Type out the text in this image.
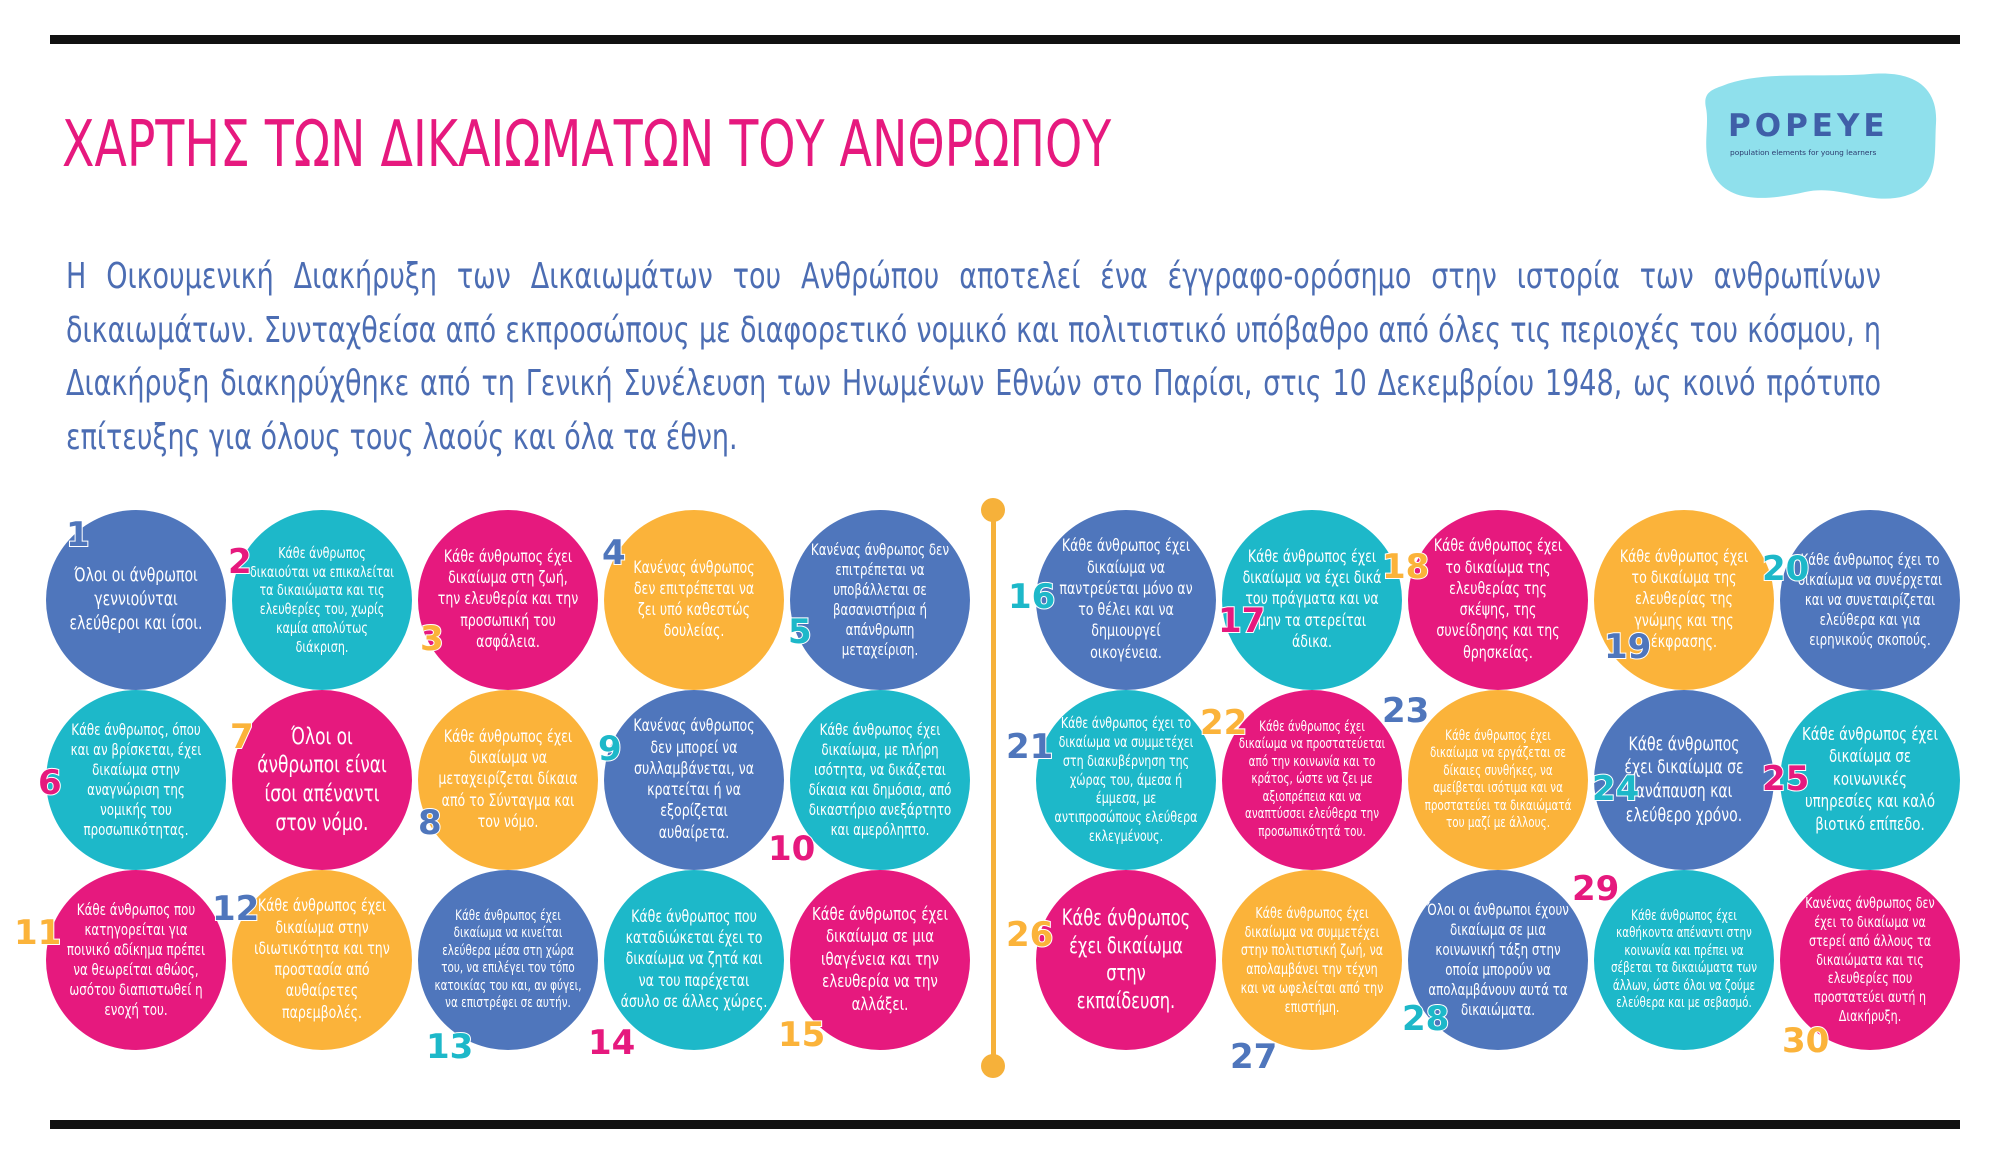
ΧΑΡΤΗΣ ΤΩΝ ΔΙΚΑΙΩΜΑΤΩΝ ΤΟΥ ΑΝΘΡΩΠΟΥ	POPEYE
population elements for young learners

Η Οικουμενική Διακήρυξη των Δικαιωμάτων του Ανθρώπου αποτελεί ένα έγγραφο-ορόσημο στην ιστορία των ανθρωπίνων δικαιωμάτων. Συνταχθείσα από εκπροσώπους με διαφορετικό νομικό και πολιτιστικό υπόβαθρο από όλες τις περιοχές του κόσμου, η Διακήρυξη διακηρύχθηκε από τη Γενική Συνέλευση των Ηνωμένων Εθνών στο Παρίσι, στις 10 Δεκεμβρίου 1948, ως κοινό πρότυπο επίτευξης για όλους τους λαούς και όλα τα έθνη.

Όλοι οι άνθρωποι γεννιούνται ελεύθεροι και ίσοι.
1	Κάθε άνθρωπος δικαιούται να επικαλείται τα δικαιώματα και τις ελευθερίες του, χωρίς καμία απολύτως διάκριση.
2	Κάθε άνθρωπος έχει δικαίωμα στη ζωή, την ελευθερία και την προσωπική του ασφάλεια.
3
Κανένας άνθρωπος δεν επιτρέπεται να ζει υπό καθεστώς δουλείας.
4	Κανένας άνθρωπος δεν επιτρέπεται να υποβάλλεται σε βασανιστήρια ή απάνθρωπη μεταχείριση.
5
Κάθε άνθρωπος, όπου και αν βρίσκεται, έχει δικαίωμα στην αναγνώριση της νομικής του προσωπικότητας.
6
Όλοι οι άνθρωποι είναι ίσοι απέναντι στον νόμο.
7	Κάθε άνθρωπος έχει δικαίωμα να μεταχειρίζεται δίκαια από το Σύνταγμα και τον νόμο.
8
Κανένας άνθρωπος δεν μπορεί να συλλαμβάνεται, να κρατείται ή να εξορίζεται αυθαίρετα.
9	Κάθε άνθρωπος έχει δικαίωμα, με πλήρη ισότητα, να δικάζεται δίκαια και δημόσια, από δικαστήριο ανεξάρτητο και αμερόληπτο.
10
Κάθε άνθρωπος που κατηγορείται για ποινικό αδίκημα πρέπει να θεωρείται αθώος, ωσότου διαπιστωθεί η ενοχή του.
11
Κάθε άνθρωπος έχει δικαίωμα στην ιδιωτικότητα και την προστασία από αυθαίρετες παρεμβολές.
12	Κάθε άνθρωπος έχει δικαίωμα να κινείται ελεύθερα μέσα στη χώρα του, να επιλέγει τον τόπο κατοικίας του και, αν φύγει, να επιστρέφει σε αυτήν.
13
Κάθε άνθρωπος που καταδιώκεται έχει το δικαίωμα να ζητά και να του παρέχεται άσυλο σε άλλες χώρες.
14
Κάθε άνθρωπος έχει δικαίωμα σε μια ιθαγένεια και την ελευθερία να την αλλάξει.
15
Κάθε άνθρωπος έχει δικαίωμα να παντρεύεται μόνο αν το θέλει και να δημιουργεί οικογένεια.
16
Κάθε άνθρωπος έχει δικαίωμα να έχει δικά του πράγματα και να μην τα στερείται άδικα.
17
Κάθε άνθρωπος έχει το δικαίωμα της ελευθερίας της σκέψης, της συνείδησης και της θρησκείας.
18	Κάθε άνθρωπος έχει το δικαίωμα της ελευθερίας της γνώμης και της έκφρασης.
19
Κάθε άνθρωπος έχει το δικαίωμα να συνέρχεται και να συνεταιρίζεται ελεύθερα και για ειρηνικούς σκοπούς.
20
Κάθε άνθρωπος έχει το δικαίωμα να συμμετέχει στη διακυβέρνηση της χώρας του, άμεσα ή έμμεσα, με αντιπροσώπους ελεύθερα εκλεγμένους.
21
Κάθε άνθρωπος έχει δικαίωμα να προστατεύεται από την κοινωνία και το κράτος, ώστε να ζει με αξιοπρέπεια και να αναπτύσσει ελεύθερα την προσωπικότητά του.
22	Κάθε άνθρωπος έχει δικαίωμα να εργάζεται σε δίκαιες συνθήκες, να αμείβεται ισότιμα και να προστατεύει τα δικαιώματά του μαζί με άλλους.
23
Κάθε άνθρωπος έχει δικαίωμα σε ανάπαυση και ελεύθερο χρόνο.
24
Κάθε άνθρωπος έχει δικαίωμα σε κοινωνικές υπηρεσίες και καλό βιοτικό επίπεδο.
25
Κάθε άνθρωπος έχει δικαίωμα στην εκπαίδευση.
26
Κάθε άνθρωπος έχει δικαίωμα να συμμετέχει στην πολιτιστική ζωή, να απολαμβάνει την τέχνη και να ωφελείται από την επιστήμη.
27
Όλοι οι άνθρωποι έχουν δικαίωμα σε μια κοινωνική τάξη στην οποία μπορούν να απολαμβάνουν αυτά τα δικαιώματα.
28
Κάθε άνθρωπος έχει καθήκοντα απέναντι στην κοινωνία και πρέπει να σέβεται τα δικαιώματα των άλλων, ώστε όλοι να ζούμε ελεύθερα και με σεβασμό.
29	Κανένας άνθρωπος δεν έχει το δικαίωμα να στερεί από άλλους τα δικαιώματα και τις ελευθερίες που προστατεύει αυτή η Διακήρυξη.
30
